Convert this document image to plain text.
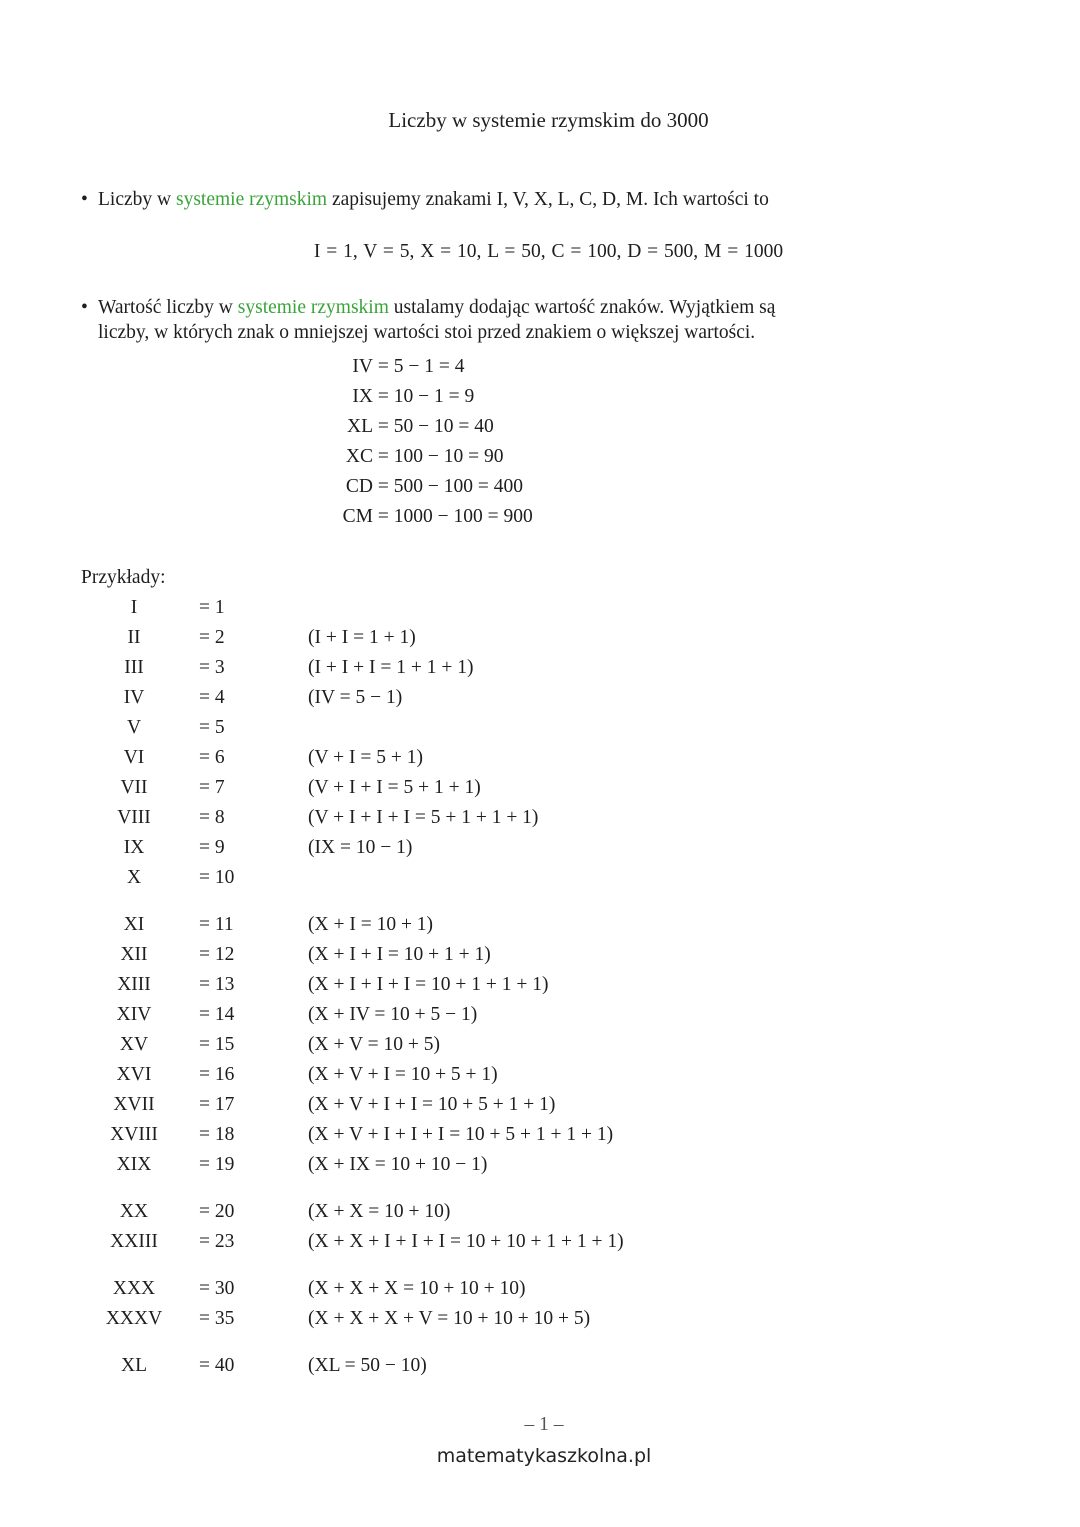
Liczby w systemie rzymskim do 3000
• Liczby w systemie rzymskim zapisujemy znakami I, V, X, L, C, D, M. Ich wartości to
I = 1, V = 5, X = 10, L = 50, C = 100, D = 500, M = 1000
• Wartość liczby w systemie rzymskim ustalamy dodając wartość znaków. Wyjątkiem są
liczby, w których znak o mniejszej wartości stoi przed znakiem o większej wartości.
IV = 5 − 1 = 4
IX = 10 − 1 = 9
XL = 50 − 10 = 40
XC = 100 − 10 = 90
CD = 500 − 100 = 400
CM = 1000 − 100 = 900
Przykłady:
I	= 1
II	= 2	(I + I = 1 + 1)
III	= 3	(I + I + I = 1 + 1 + 1)
IV	= 4	(IV = 5 − 1)
V	= 5
VI	= 6	(V + I = 5 + 1)
VII	= 7	(V + I + I = 5 + 1 + 1)
VIII	= 8	(V + I + I + I = 5 + 1 + 1 + 1)
IX	= 9	(IX = 10 − 1)
X	= 10
XI	= 11	(X + I = 10 + 1)
XII	= 12	(X + I + I = 10 + 1 + 1)
XIII	= 13	(X + I + I + I = 10 + 1 + 1 + 1)
XIV	= 14	(X + IV = 10 + 5 − 1)
XV	= 15	(X + V = 10 + 5)
XVI	= 16	(X + V + I = 10 + 5 + 1)
XVII	= 17	(X + V + I + I = 10 + 5 + 1 + 1)
XVIII	= 18	(X + V + I + I + I = 10 + 5 + 1 + 1 + 1)
XIX	= 19	(X + IX = 10 + 10 − 1)
XX	= 20	(X + X = 10 + 10)
XXIII	= 23	(X + X + I + I + I = 10 + 10 + 1 + 1 + 1)
XXX	= 30	(X + X + X = 10 + 10 + 10)
XXXV	= 35	(X + X + X + V = 10 + 10 + 10 + 5)
XL	= 40	(XL = 50 − 10)
– 1 –
matematykaszkolna.pl
